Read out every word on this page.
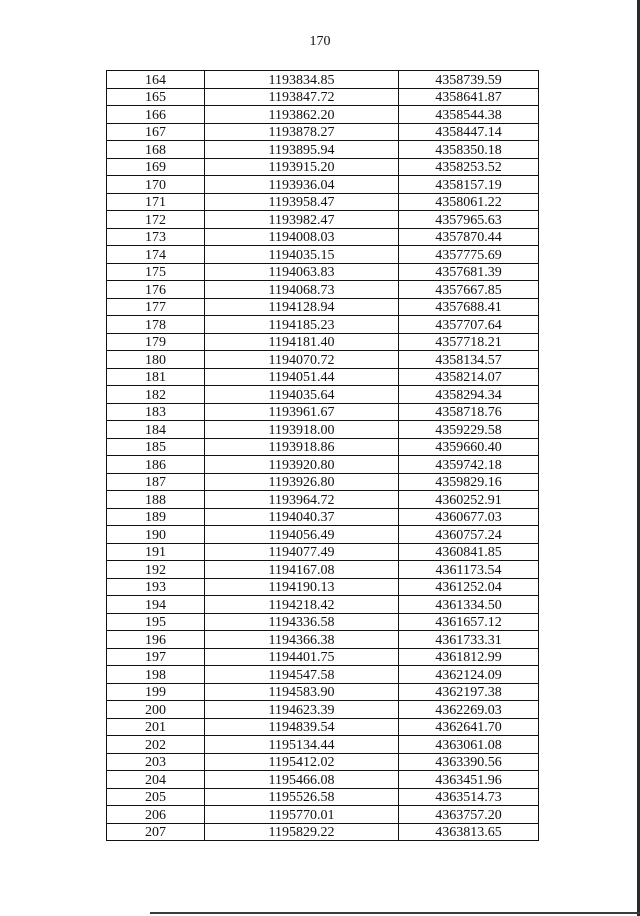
170
164	1193834.85	4358739.59
165	1193847.72	4358641.87
166	1193862.20	4358544.38
167	1193878.27	4358447.14
168	1193895.94	4358350.18
169	1193915.20	4358253.52
170	1193936.04	4358157.19
171	1193958.47	4358061.22
172	1193982.47	4357965.63
173	1194008.03	4357870.44
174	1194035.15	4357775.69
175	1194063.83	4357681.39
176	1194068.73	4357667.85
177	1194128.94	4357688.41
178	1194185.23	4357707.64
179	1194181.40	4357718.21
180	1194070.72	4358134.57
181	1194051.44	4358214.07
182	1194035.64	4358294.34
183	1193961.67	4358718.76
184	1193918.00	4359229.58
185	1193918.86	4359660.40
186	1193920.80	4359742.18
187	1193926.80	4359829.16
188	1193964.72	4360252.91
189	1194040.37	4360677.03
190	1194056.49	4360757.24
191	1194077.49	4360841.85
192	1194167.08	4361173.54
193	1194190.13	4361252.04
194	1194218.42	4361334.50
195	1194336.58	4361657.12
196	1194366.38	4361733.31
197	1194401.75	4361812.99
198	1194547.58	4362124.09
199	1194583.90	4362197.38
200	1194623.39	4362269.03
201	1194839.54	4362641.70
202	1195134.44	4363061.08
203	1195412.02	4363390.56
204	1195466.08	4363451.96
205	1195526.58	4363514.73
206	1195770.01	4363757.20
207	1195829.22	4363813.65
